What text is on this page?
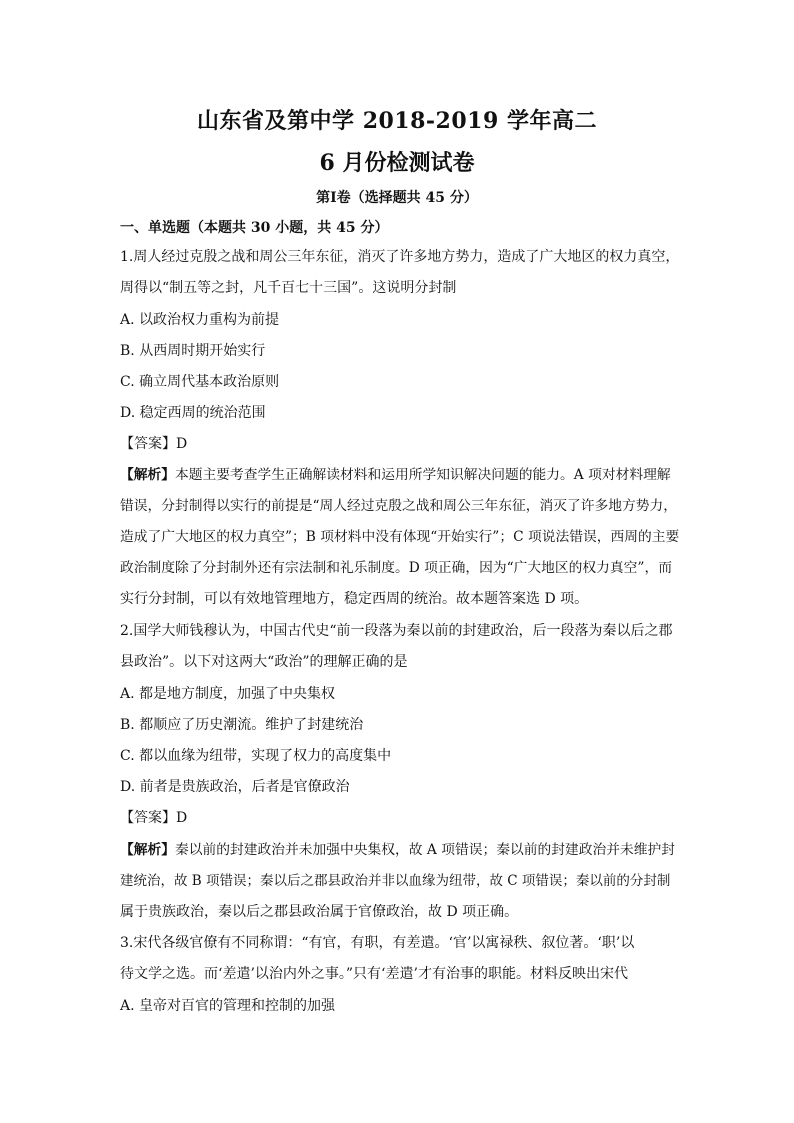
山东省及第中学 2018-2019 学年高二
6 月份检测试卷
第Ⅰ卷（选择题共 45 分）
一、单选题（本题共 30 小题，共 45 分）
1.周人经过克殷之战和周公三年东征，消灭了许多地方势力，造成了广大地区的权力真空，
周得以“制五等之封，凡千百七十三国”。这说明分封制
A. 以政治权力重构为前提
B. 从西周时期开始实行
C. 确立周代基本政治原则
D. 稳定西周的统治范围
【答案】D
【解析】本题主要考查学生正确解读材料和运用所学知识解决问题的能力。A 项对材料理解
错误，分封制得以实行的前提是“周人经过克殷之战和周公三年东征，消灭了许多地方势力，
造成了广大地区的权力真空”；B 项材料中没有体现“开始实行”；C 项说法错误，西周的主要
政治制度除了分封制外还有宗法制和礼乐制度。D 项正确，因为“广大地区的权力真空”，而
实行分封制，可以有效地管理地方，稳定西周的统治。故本题答案选 D 项。
2.国学大师钱穆认为，中国古代史“前一段落为秦以前的封建政治，后一段落为秦以后之郡
县政治”。以下对这两大“政治”的理解正确的是
A. 都是地方制度，加强了中央集权
B. 都顺应了历史潮流。维护了封建统治
C. 都以血缘为纽带，实现了权力的高度集中
D. 前者是贵族政治，后者是官僚政治
【答案】D
【解析】秦以前的封建政治并未加强中央集权，故 A 项错误；秦以前的封建政治并未维护封
建统治，故 B 项错误；秦以后之郡县政治并非以血缘为纽带，故 C 项错误；秦以前的分封制
属于贵族政治，秦以后之郡县政治属于官僚政治，故 D 项正确。
3.宋代各级官僚有不同称谓：“有官，有职，有差遣。‘官’以寓禄秩、叙位著。‘职’以
待文学之选。而‘差遣’以治内外之事。”只有‘差遣’才有治事的职能。材料反映出宋代
A. 皇帝对百官的管理和控制的加强
